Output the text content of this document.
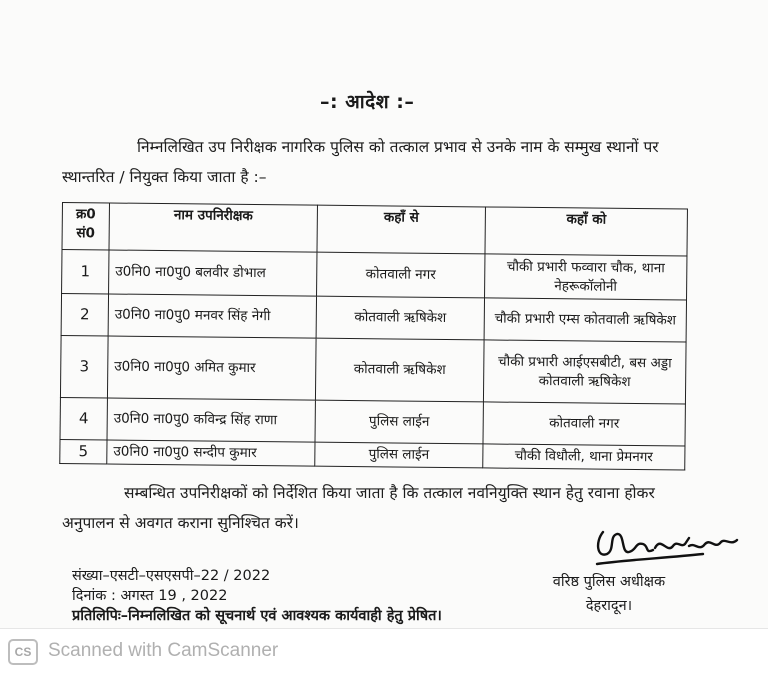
–: आदेश :–
निम्नलिखित उप निरीक्षक नागरिक पुलिस को तत्काल प्रभाव से उनके नाम के सम्मुख स्थानों पर स्थान्तरित / नियुक्त किया जाता है :–
क्र0 सं0	नाम उपनिरीक्षक	कहाँ से	कहाँ को
1	उ0नि0 ना0पु0 बलवीर डोभाल	कोतवाली नगर	चौकी प्रभारी फव्वारा चौक, थाना नेहरूकॉलोनी
2	उ0नि0 ना0पु0 मनवर सिंह नेगी	कोतवाली ऋषिकेश	चौकी प्रभारी एम्स कोतवाली ऋषिकेश
3	उ0नि0 ना0पु0 अमित कुमार	कोतवाली ऋषिकेश	चौकी प्रभारी आईएसबीटी, बस अड्डा कोतवाली ऋषिकेश
4	उ0नि0 ना0पु0 कविन्द्र सिंह राणा	पुलिस लाईन	कोतवाली नगर
5	उ0नि0 ना0पु0 सन्दीप कुमार	पुलिस लाईन	चौकी विधौली, थाना प्रेमनगर
सम्बन्धित उपनिरीक्षकों को निर्देशित किया जाता है कि तत्काल नवनियुक्ति स्थान हेतु रवाना होकर अनुपालन से अवगत कराना सुनिश्चित करें।
संख्या–एसटी–एसएसपी–22 / 2022
दिनांक : अगस्त 19 , 2022
प्रतिलिपिः–निम्नलिखित को सूचनार्थ एवं आवश्यक कार्यवाही हेतु प्रेषित।
वरिष्ठ पुलिस अधीक्षक
देहरादून।
CS Scanned with CamScanner
